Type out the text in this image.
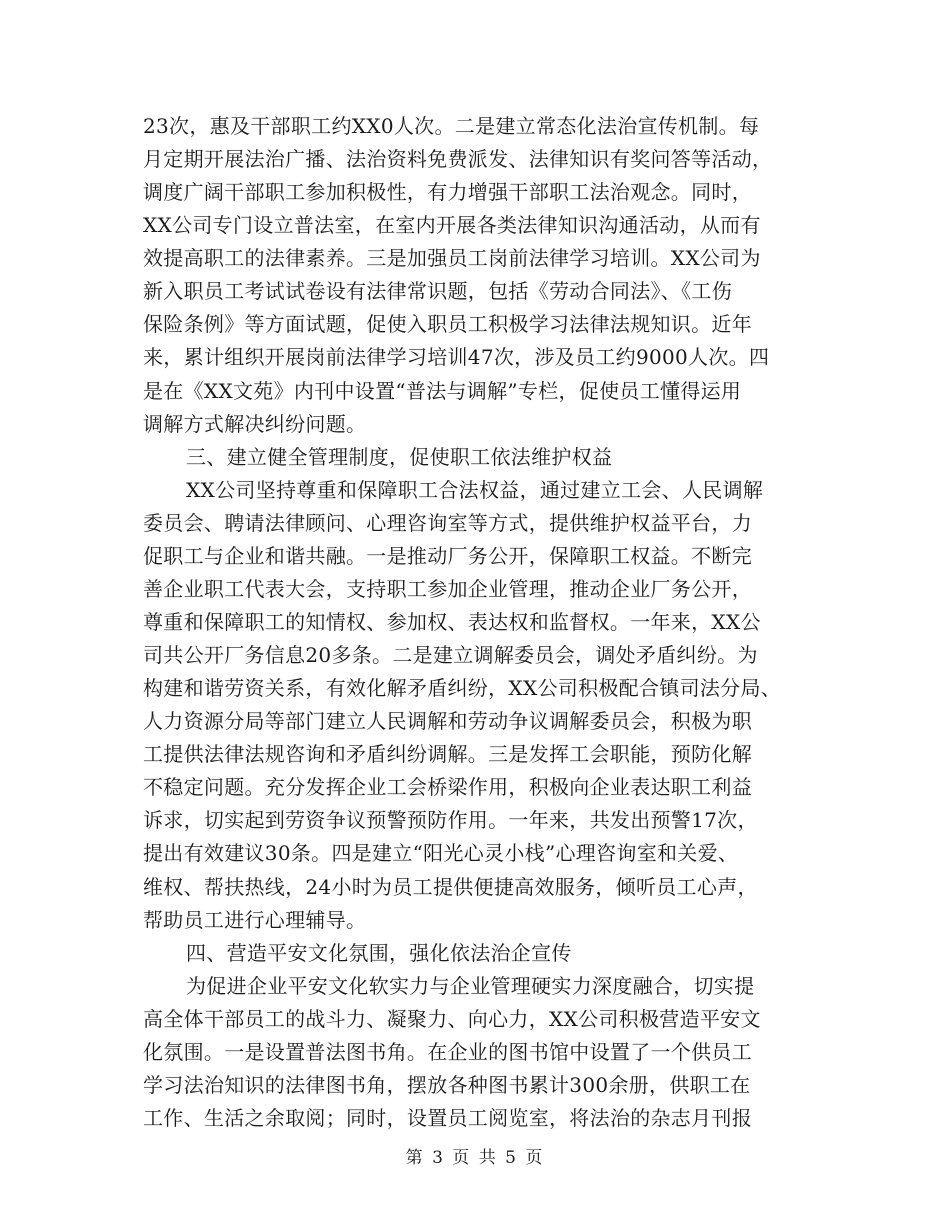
23次，惠及干部职工约XX0人次。二是建立常态化法治宣传机制。每
月定期开展法治广播、法治资料免费派发、法律知识有奖问答等活动，
调度广阔干部职工参加积极性，有力增强干部职工法治观念。同时，
XX公司专门设立普法室，在室内开展各类法律知识沟通活动，从而有
效提高职工的法律素养。三是加强员工岗前法律学习培训。XX公司为
新入职员工考试试卷设有法律常识题，包括《劳动合同法》、《工伤
保险条例》等方面试题，促使入职员工积极学习法律法规知识。近年
来，累计组织开展岗前法律学习培训47次，涉及员工约9000人次。四
是在《XX文苑》内刊中设置“普法与调解”专栏，促使员工懂得运用
调解方式解决纠纷问题。
三、建立健全管理制度，促使职工依法维护权益
XX公司坚持尊重和保障职工合法权益，通过建立工会、人民调解
委员会、聘请法律顾问、心理咨询室等方式，提供维护权益平台，力
促职工与企业和谐共融。一是推动厂务公开，保障职工权益。不断完
善企业职工代表大会，支持职工参加企业管理，推动企业厂务公开，
尊重和保障职工的知情权、参加权、表达权和监督权。一年来，XX公
司共公开厂务信息20多条。二是建立调解委员会，调处矛盾纠纷。为
构建和谐劳资关系，有效化解矛盾纠纷，XX公司积极配合镇司法分局、
人力资源分局等部门建立人民调解和劳动争议调解委员会，积极为职
工提供法律法规咨询和矛盾纠纷调解。三是发挥工会职能，预防化解
不稳定问题。充分发挥企业工会桥梁作用，积极向企业表达职工利益
诉求，切实起到劳资争议预警预防作用。一年来，共发出预警17次，
提出有效建议30条。四是建立“阳光心灵小栈”心理咨询室和关爱、
维权、帮扶热线，24小时为员工提供便捷高效服务，倾听员工心声，
帮助员工进行心理辅导。
四、营造平安文化氛围，强化依法治企宣传
为促进企业平安文化软实力与企业管理硬实力深度融合，切实提
高全体干部员工的战斗力、凝聚力、向心力，XX公司积极营造平安文
化氛围。一是设置普法图书角。在企业的图书馆中设置了一个供员工
学习法治知识的法律图书角，摆放各种图书累计300余册，供职工在
工作、生活之余取阅；同时，设置员工阅览室，将法治的杂志月刊报
第 3 页 共 5 页
